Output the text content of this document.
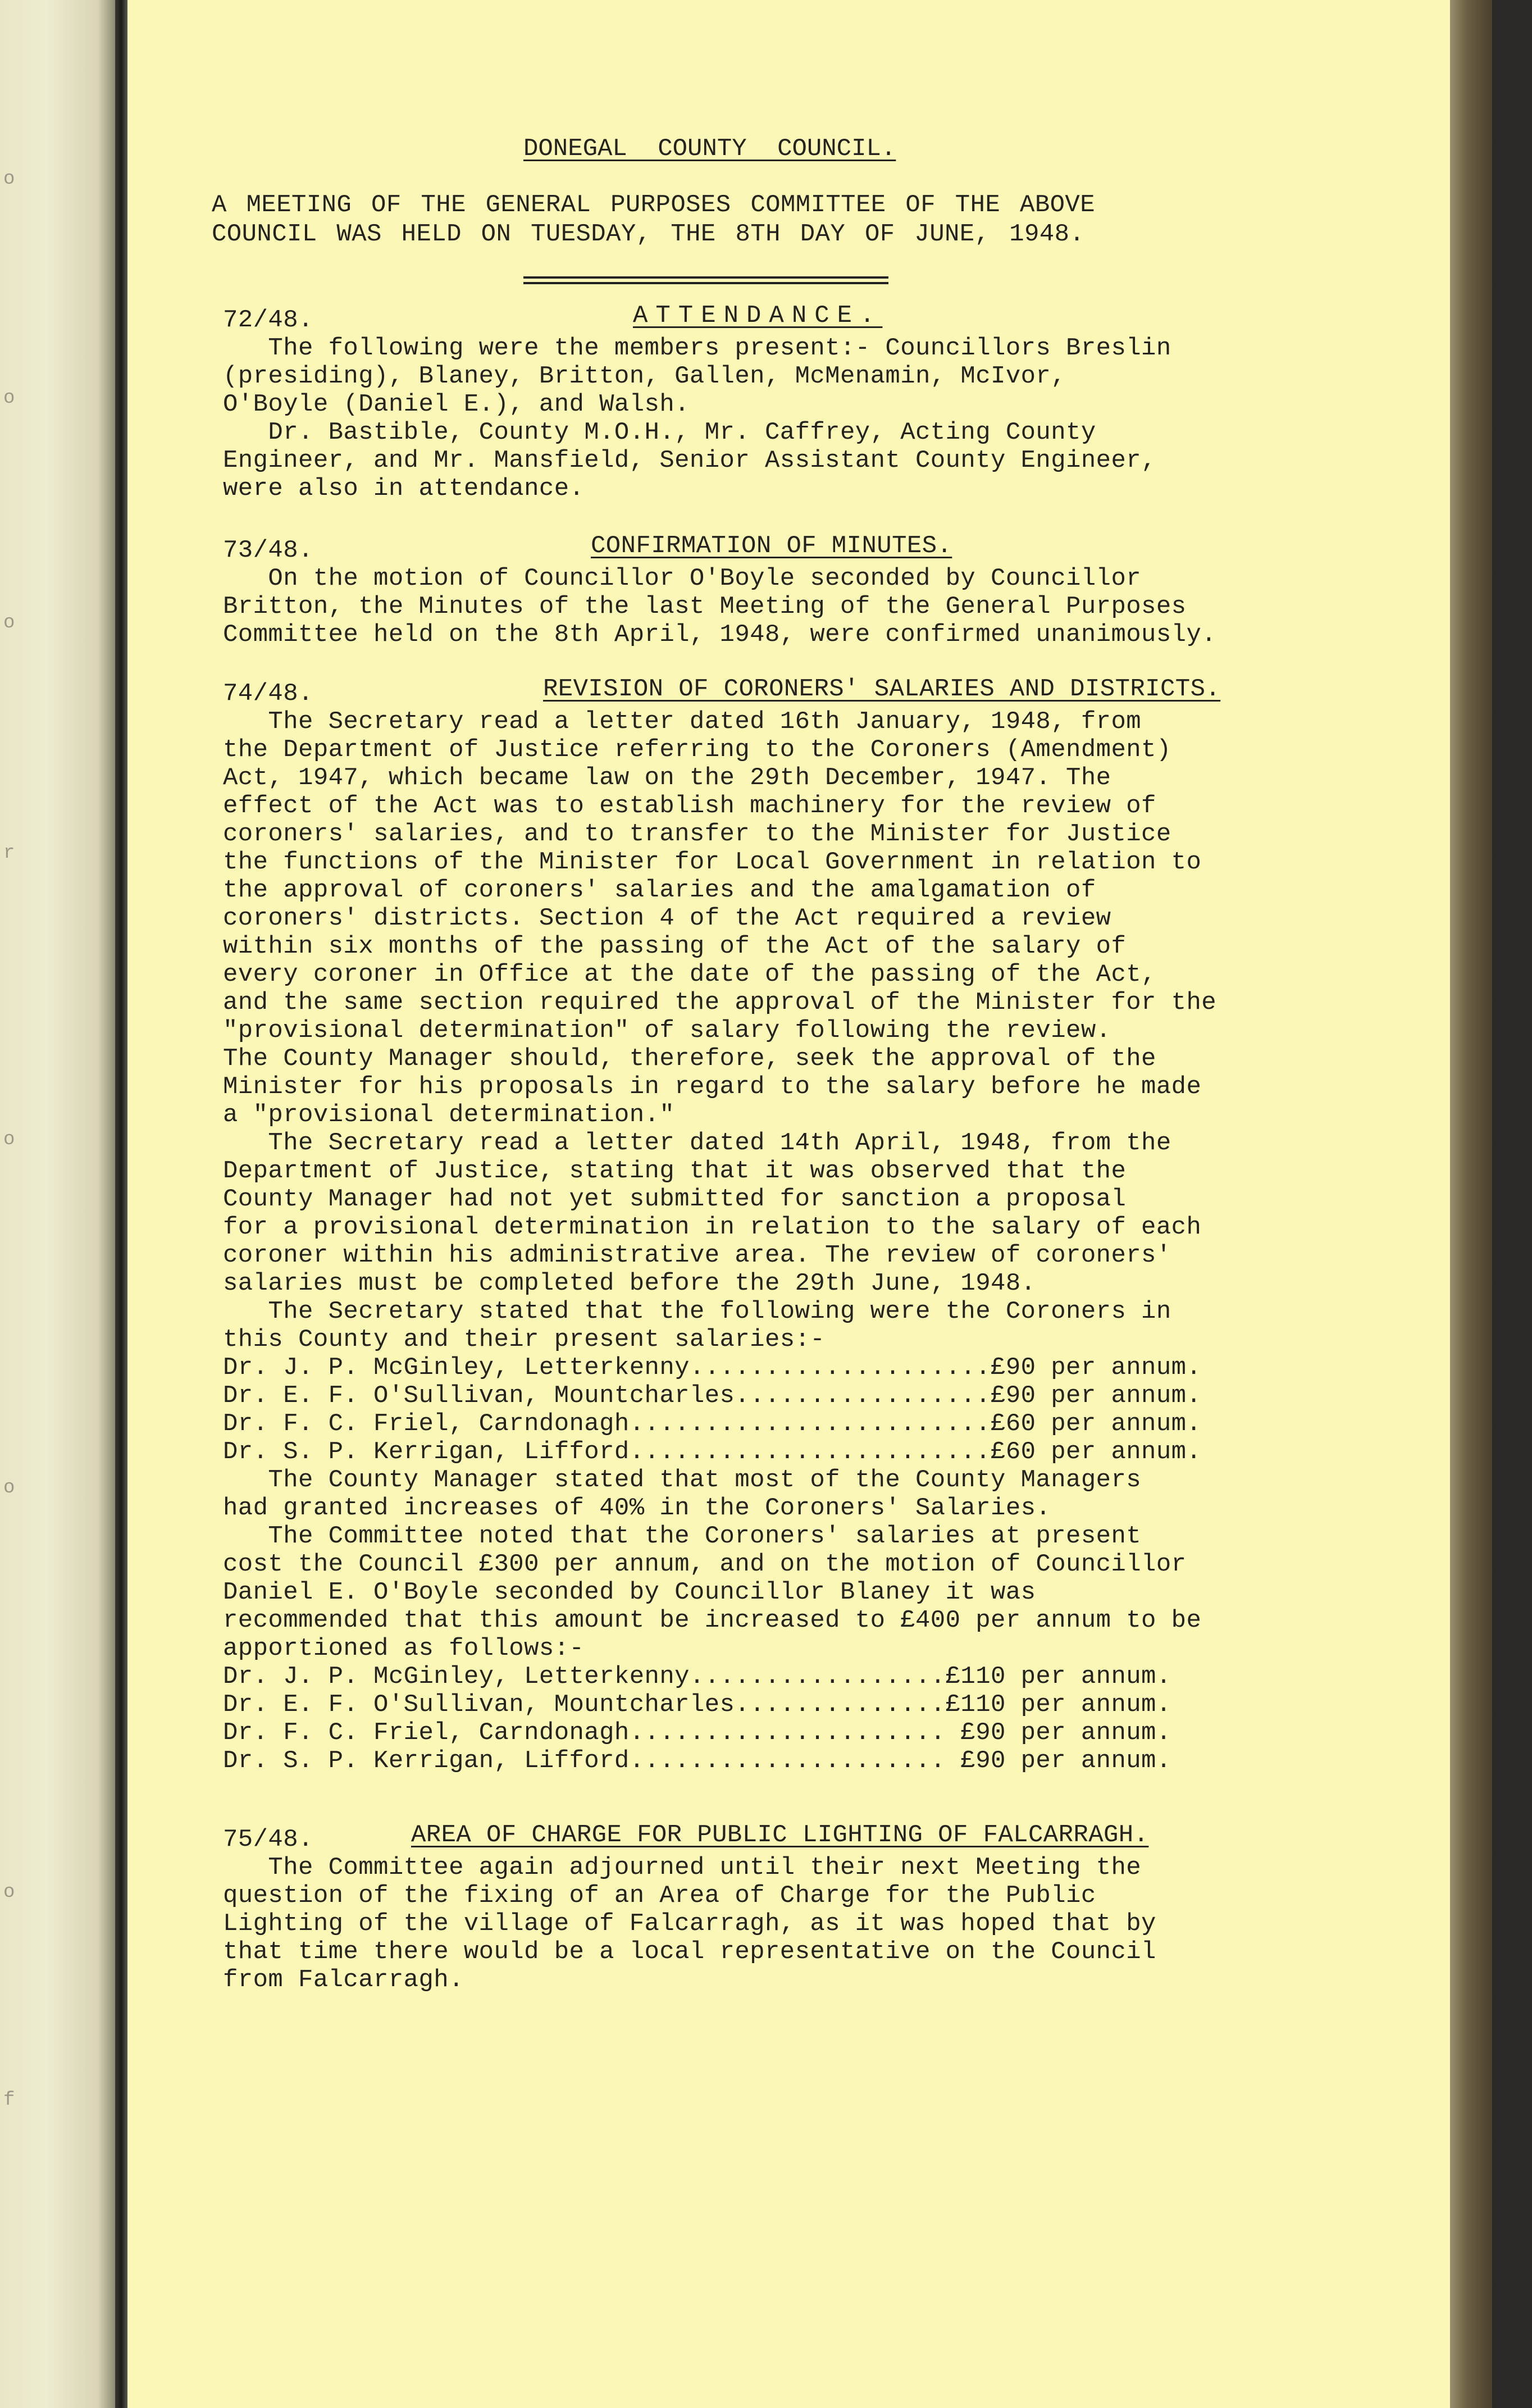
o
o
o
r
o
o
o
f
DONEGAL COUNTY COUNCIL.
A MEETING OF THE GENERAL PURPOSES COMMITTEE OF THE ABOVE
COUNCIL WAS HELD ON TUESDAY, THE 8TH DAY OF JUNE, 1948.
72/48.	ATTENDANCE.
The following were the members present:- Councillors Breslin
(presiding), Blaney, Britton, Gallen, McMenamin, McIvor,
O'Boyle (Daniel E.), and Walsh.
Dr. Bastible, County M.O.H., Mr. Caffrey, Acting County
Engineer, and Mr. Mansfield, Senior Assistant County Engineer,
were also in attendance.
73/48.	CONFIRMATION OF MINUTES.
On the motion of Councillor O'Boyle seconded by Councillor
Britton, the Minutes of the last Meeting of the General Purposes
Committee held on the 8th April, 1948, were confirmed unanimously.
74/48.	REVISION OF CORONERS' SALARIES AND DISTRICTS.
The Secretary read a letter dated 16th January, 1948, from
the Department of Justice referring to the Coroners (Amendment)
Act, 1947, which became law on the 29th December, 1947. The
effect of the Act was to establish machinery for the review of
coroners' salaries, and to transfer to the Minister for Justice
the functions of the Minister for Local Government in relation to
the approval of coroners' salaries and the amalgamation of
coroners' districts. Section 4 of the Act required a review
within six months of the passing of the Act of the salary of
every coroner in Office at the date of the passing of the Act,
and the same section required the approval of the Minister for the
"provisional determination" of salary following the review.
The County Manager should, therefore, seek the approval of the
Minister for his proposals in regard to the salary before he made
a "provisional determination."
The Secretary read a letter dated 14th April, 1948, from the
Department of Justice, stating that it was observed that the
County Manager had not yet submitted for sanction a proposal
for a provisional determination in relation to the salary of each
coroner within his administrative area. The review of coroners'
salaries must be completed before the 29th June, 1948.
The Secretary stated that the following were the Coroners in
this County and their present salaries:-
Dr. J. P. McGinley, Letterkenny....................£90 per annum.
Dr. E. F. O'Sullivan, Mountcharles.................£90 per annum.
Dr. F. C. Friel, Carndonagh........................£60 per annum.
Dr. S. P. Kerrigan, Lifford........................£60 per annum.
The County Manager stated that most of the County Managers
had granted increases of 40% in the Coroners' Salaries.
The Committee noted that the Coroners' salaries at present
cost the Council £300 per annum, and on the motion of Councillor
Daniel E. O'Boyle seconded by Councillor Blaney it was
recommended that this amount be increased to £400 per annum to be
apportioned as follows:-
Dr. J. P. McGinley, Letterkenny.................£110 per annum.
Dr. E. F. O'Sullivan, Mountcharles..............£110 per annum.
Dr. F. C. Friel, Carndonagh..................... £90 per annum.
Dr. S. P. Kerrigan, Lifford..................... £90 per annum.
75/48.	AREA OF CHARGE FOR PUBLIC LIGHTING OF FALCARRAGH.
The Committee again adjourned until their next Meeting the
question of the fixing of an Area of Charge for the Public
Lighting of the village of Falcarragh, as it was hoped that by
that time there would be a local representative on the Council
from Falcarragh.
